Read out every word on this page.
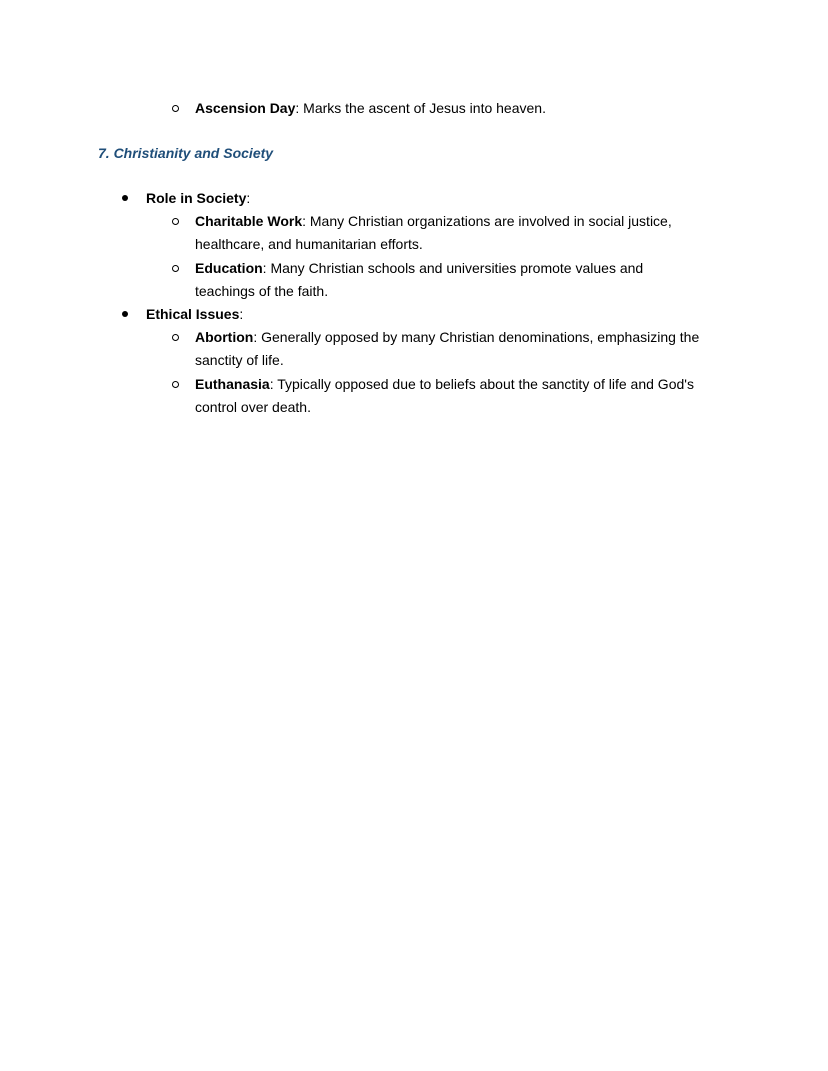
Ascension Day: Marks the ascent of Jesus into heaven.
7. Christianity and Society
Role in Society:
Charitable Work: Many Christian organizations are involved in social justice,
healthcare, and humanitarian efforts.
Education: Many Christian schools and universities promote values and
teachings of the faith.
Ethical Issues:
Abortion: Generally opposed by many Christian denominations, emphasizing the
sanctity of life.
Euthanasia: Typically opposed due to beliefs about the sanctity of life and God's
control over death.
